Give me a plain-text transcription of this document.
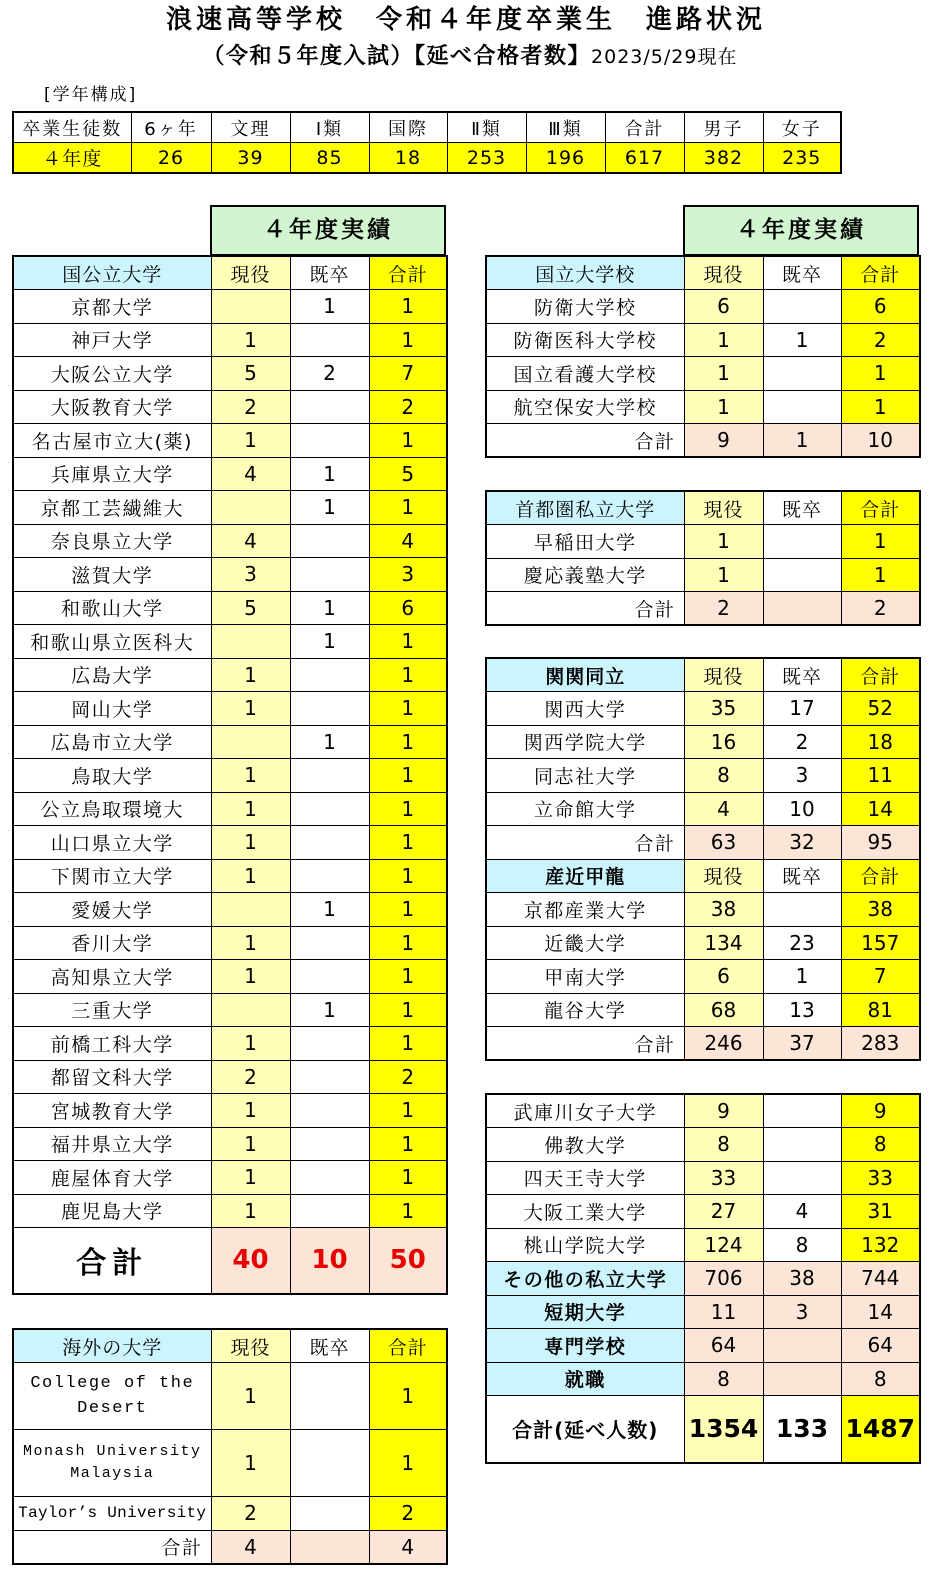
浪速高等学校　令和４年度卒業生　進路状況
（令和５年度入試）【延べ合格者数】2023/5/29現在
[学年構成]
卒業生徒数	6ヶ年	文理	Ⅰ類	国際	Ⅱ類	Ⅲ類	合計	男子	女子
４年度	26	39	85	18	253	196	617	382	235
４年度実績	４年度実績
国公立大学	現役	既卒	合計
京都大学		1	1
神戸大学	1		1
大阪公立大学	5	2	7
大阪教育大学	2		2
名古屋市立大(薬)	1		1
兵庫県立大学	4	1	5
京都工芸繊維大		1	1
奈良県立大学	4		4
滋賀大学	3		3
和歌山大学	5	1	6
和歌山県立医科大		1	1
広島大学	1		1
岡山大学	1		1
広島市立大学		1	1
鳥取大学	1		1
公立鳥取環境大	1		1
山口県立大学	1		1
下関市立大学	1		1
愛媛大学		1	1
香川大学	1		1
高知県立大学	1		1
三重大学		1	1
前橋工科大学	1		1
都留文科大学	2		2
宮城教育大学	1		1
福井県立大学	1		1
鹿屋体育大学	1		1
鹿児島大学	1		1
合計	40	10	50
海外の大学	現役	既卒	合計
College of the Desert	1		1
Monash University Malaysia	1		1
Taylor’s University	2		2
合計	4		4
国立大学校	現役	既卒	合計
防衛大学校	6		6
防衛医科大学校	1	1	2
国立看護大学校	1		1
航空保安大学校	1		1
合計	9	1	10
首都圏私立大学	現役	既卒	合計
早稲田大学	1		1
慶応義塾大学	1		1
合計	2		2
関関同立	現役	既卒	合計
関西大学	35	17	52
関西学院大学	16	2	18
同志社大学	8	3	11
立命館大学	4	10	14
合計	63	32	95
産近甲龍	現役	既卒	合計
京都産業大学	38		38
近畿大学	134	23	157
甲南大学	6	1	7
龍谷大学	68	13	81
合計	246	37	283
武庫川女子大学	9		9
佛教大学	8		8
四天王寺大学	33		33
大阪工業大学	27	4	31
桃山学院大学	124	8	132
その他の私立大学	706	38	744
短期大学	11	3	14
専門学校	64		64
就職	8		8
合計(延べ人数)	1354	133	1487
